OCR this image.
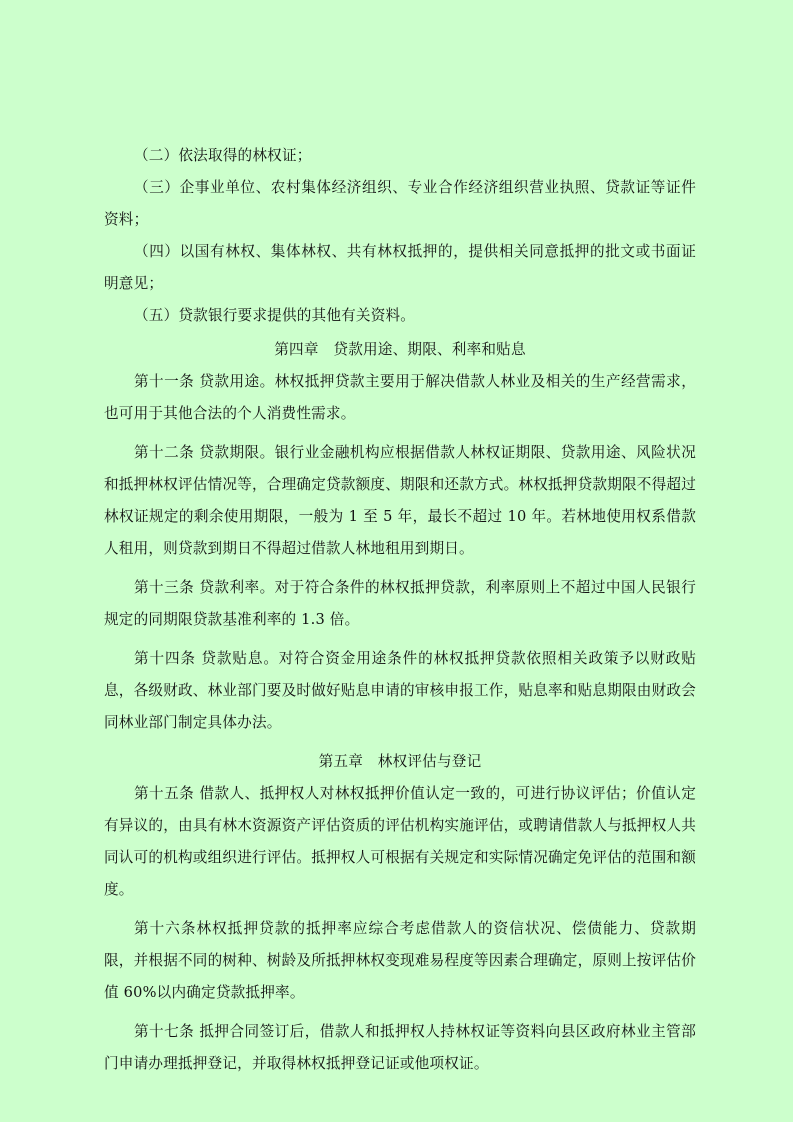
（二）依法取得的林权证；

（三）企事业单位、农村集体经济组织、专业合作经济组织营业执照、贷款证等证件资料；

（四）以国有林权、集体林权、共有林权抵押的，提供相关同意抵押的批文或书面证明意见；

（五）贷款银行要求提供的其他有关资料。

第四章　贷款用途、期限、利率和贴息

第十一条 贷款用途。林权抵押贷款主要用于解决借款人林业及相关的生产经营需求，也可用于其他合法的个人消费性需求。

第十二条 贷款期限。银行业金融机构应根据借款人林权证期限、贷款用途、风险状况和抵押林权评估情况等，合理确定贷款额度、期限和还款方式。林权抵押贷款期限不得超过林权证规定的剩余使用期限，一般为 1 至 5 年，最长不超过 10 年。若林地使用权系借款人租用，则贷款到期日不得超过借款人林地租用到期日。

第十三条 贷款利率。对于符合条件的林权抵押贷款，利率原则上不超过中国人民银行规定的同期限贷款基准利率的 1.3 倍。

第十四条 贷款贴息。对符合资金用途条件的林权抵押贷款依照相关政策予以财政贴息，各级财政、林业部门要及时做好贴息申请的审核申报工作，贴息率和贴息期限由财政会同林业部门制定具体办法。

第五章　林权评估与登记

第十五条 借款人、抵押权人对林权抵押价值认定一致的，可进行协议评估；价值认定有异议的，由具有林木资源资产评估资质的评估机构实施评估，或聘请借款人与抵押权人共同认可的机构或组织进行评估。抵押权人可根据有关规定和实际情况确定免评估的范围和额度。

第十六条林权抵押贷款的抵押率应综合考虑借款人的资信状况、偿债能力、贷款期限，并根据不同的树种、树龄及所抵押林权变现难易程度等因素合理确定，原则上按评估价值 60%以内确定贷款抵押率。

第十七条 抵押合同签订后，借款人和抵押权人持林权证等资料向县区政府林业主管部门申请办理抵押登记，并取得林权抵押登记证或他项权证。
